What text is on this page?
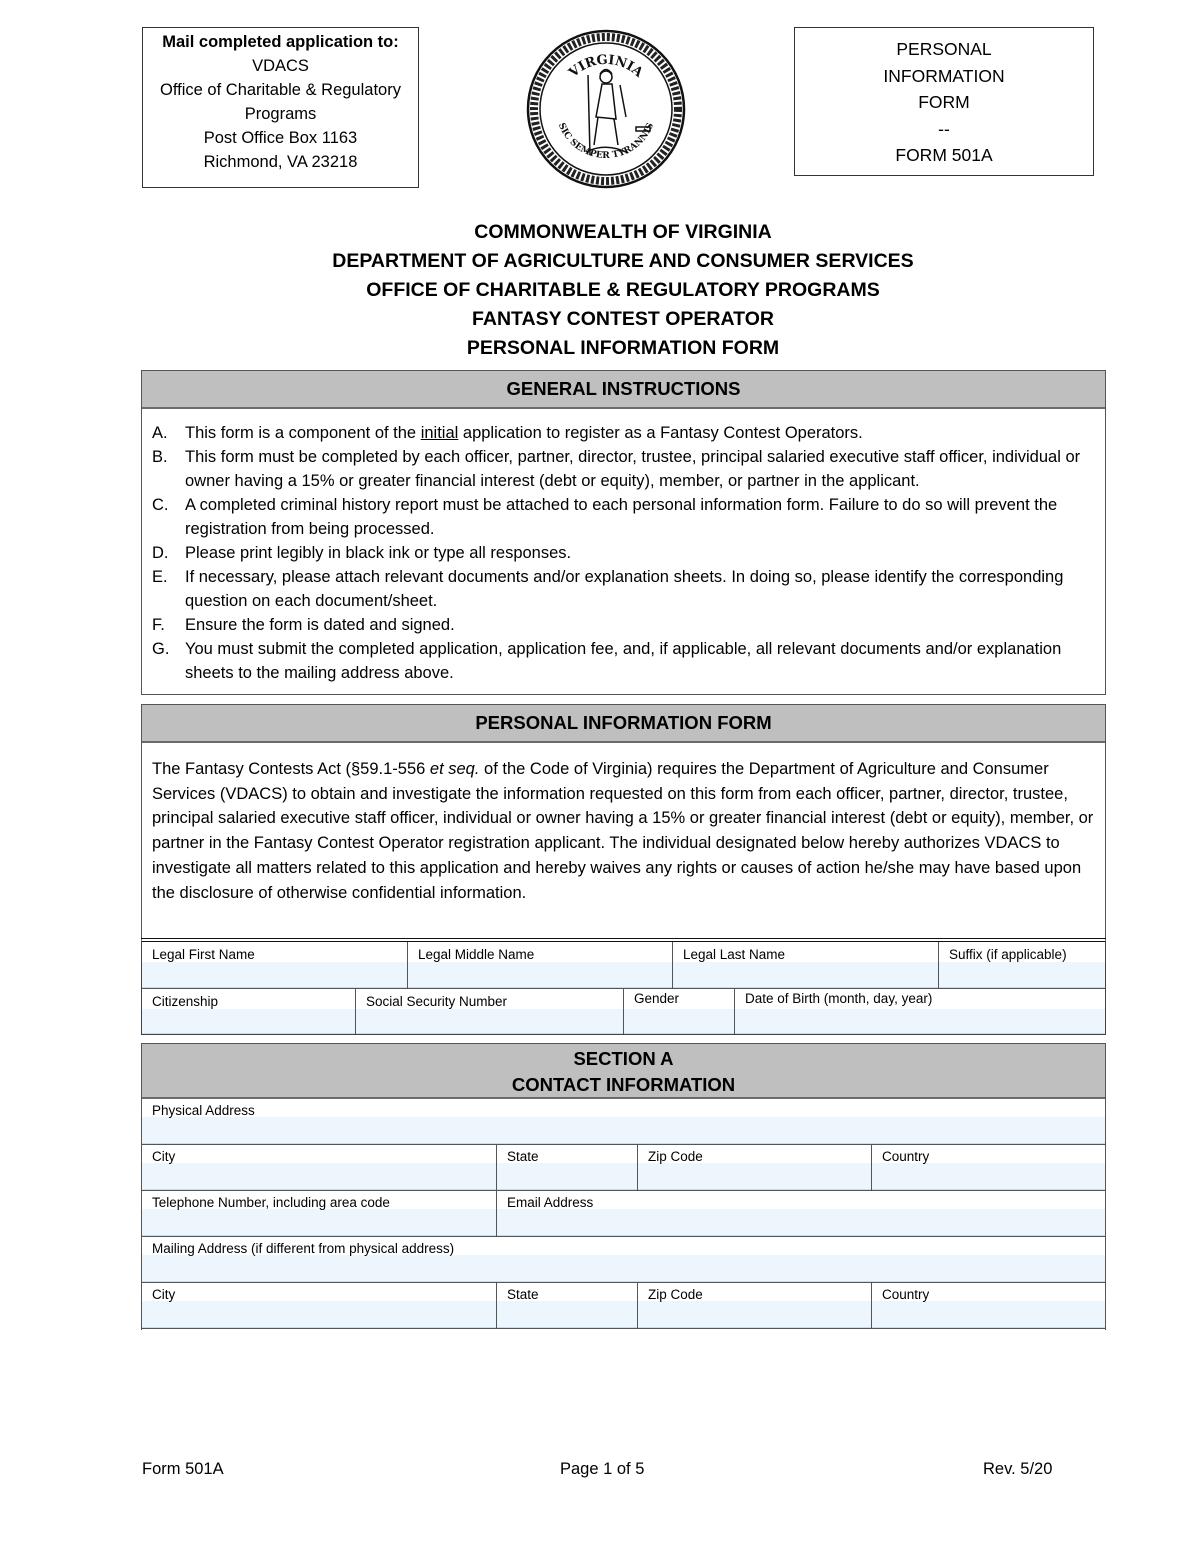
Mail completed application to:
VDACS
Office of Charitable & Regulatory
Programs
Post Office Box 1163
Richmond, VA 23218
VIRGINIA
SIC SEMPER TYRANNIS
PERSONAL
INFORMATION
FORM
--
FORM 501A
COMMONWEALTH OF VIRGINIA
DEPARTMENT OF AGRICULTURE AND CONSUMER SERVICES
OFFICE OF CHARITABLE & REGULATORY PROGRAMS
FANTASY CONTEST OPERATOR
PERSONAL INFORMATION FORM
GENERAL INSTRUCTIONS
A.	This form is a component of the initial application to register as a Fantasy Contest Operators.
B.	This form must be completed by each officer, partner, director, trustee, principal salaried executive staff officer, individual or owner having a 15% or greater financial interest (debt or equity), member, or partner in the applicant.
C.	A completed criminal history report must be attached to each personal information form. Failure to do so will prevent the registration from being processed.
D.	Please print legibly in black ink or type all responses.
E.	If necessary, please attach relevant documents and/or explanation sheets. In doing so, please identify the corresponding question on each document/sheet.
F.	Ensure the form is dated and signed.
G. You must submit the completed application, application fee, and, if applicable, all relevant documents and/or explanation sheets to the mailing address above.
PERSONAL INFORMATION FORM
The Fantasy Contests Act (§59.1-556 et seq. of the Code of Virginia) requires the Department of Agriculture and Consumer Services (VDACS) to obtain and investigate the information requested on this form from each officer, partner, director, trustee, principal salaried executive staff officer, individual or owner having a 15% or greater financial interest (debt or equity), member, or partner in the Fantasy Contest Operator registration applicant. The individual designated below hereby authorizes VDACS to investigate all matters related to this application and hereby waives any rights or causes of action he/she may have based upon the disclosure of otherwise confidential information.
Legal First Name	Legal Middle Name	Legal Last Name	Suffix (if applicable)
Citizenship	Social Security Number	Gender	Date of Birth (month, day, year)
SECTION A
CONTACT INFORMATION
Physical Address
City	State	Zip Code	Country
Telephone Number, including area code	Email Address
Mailing Address (if different from physical address)
City	State	Zip Code	Country
Form 501A	Page 1 of 5	Rev. 5/20
